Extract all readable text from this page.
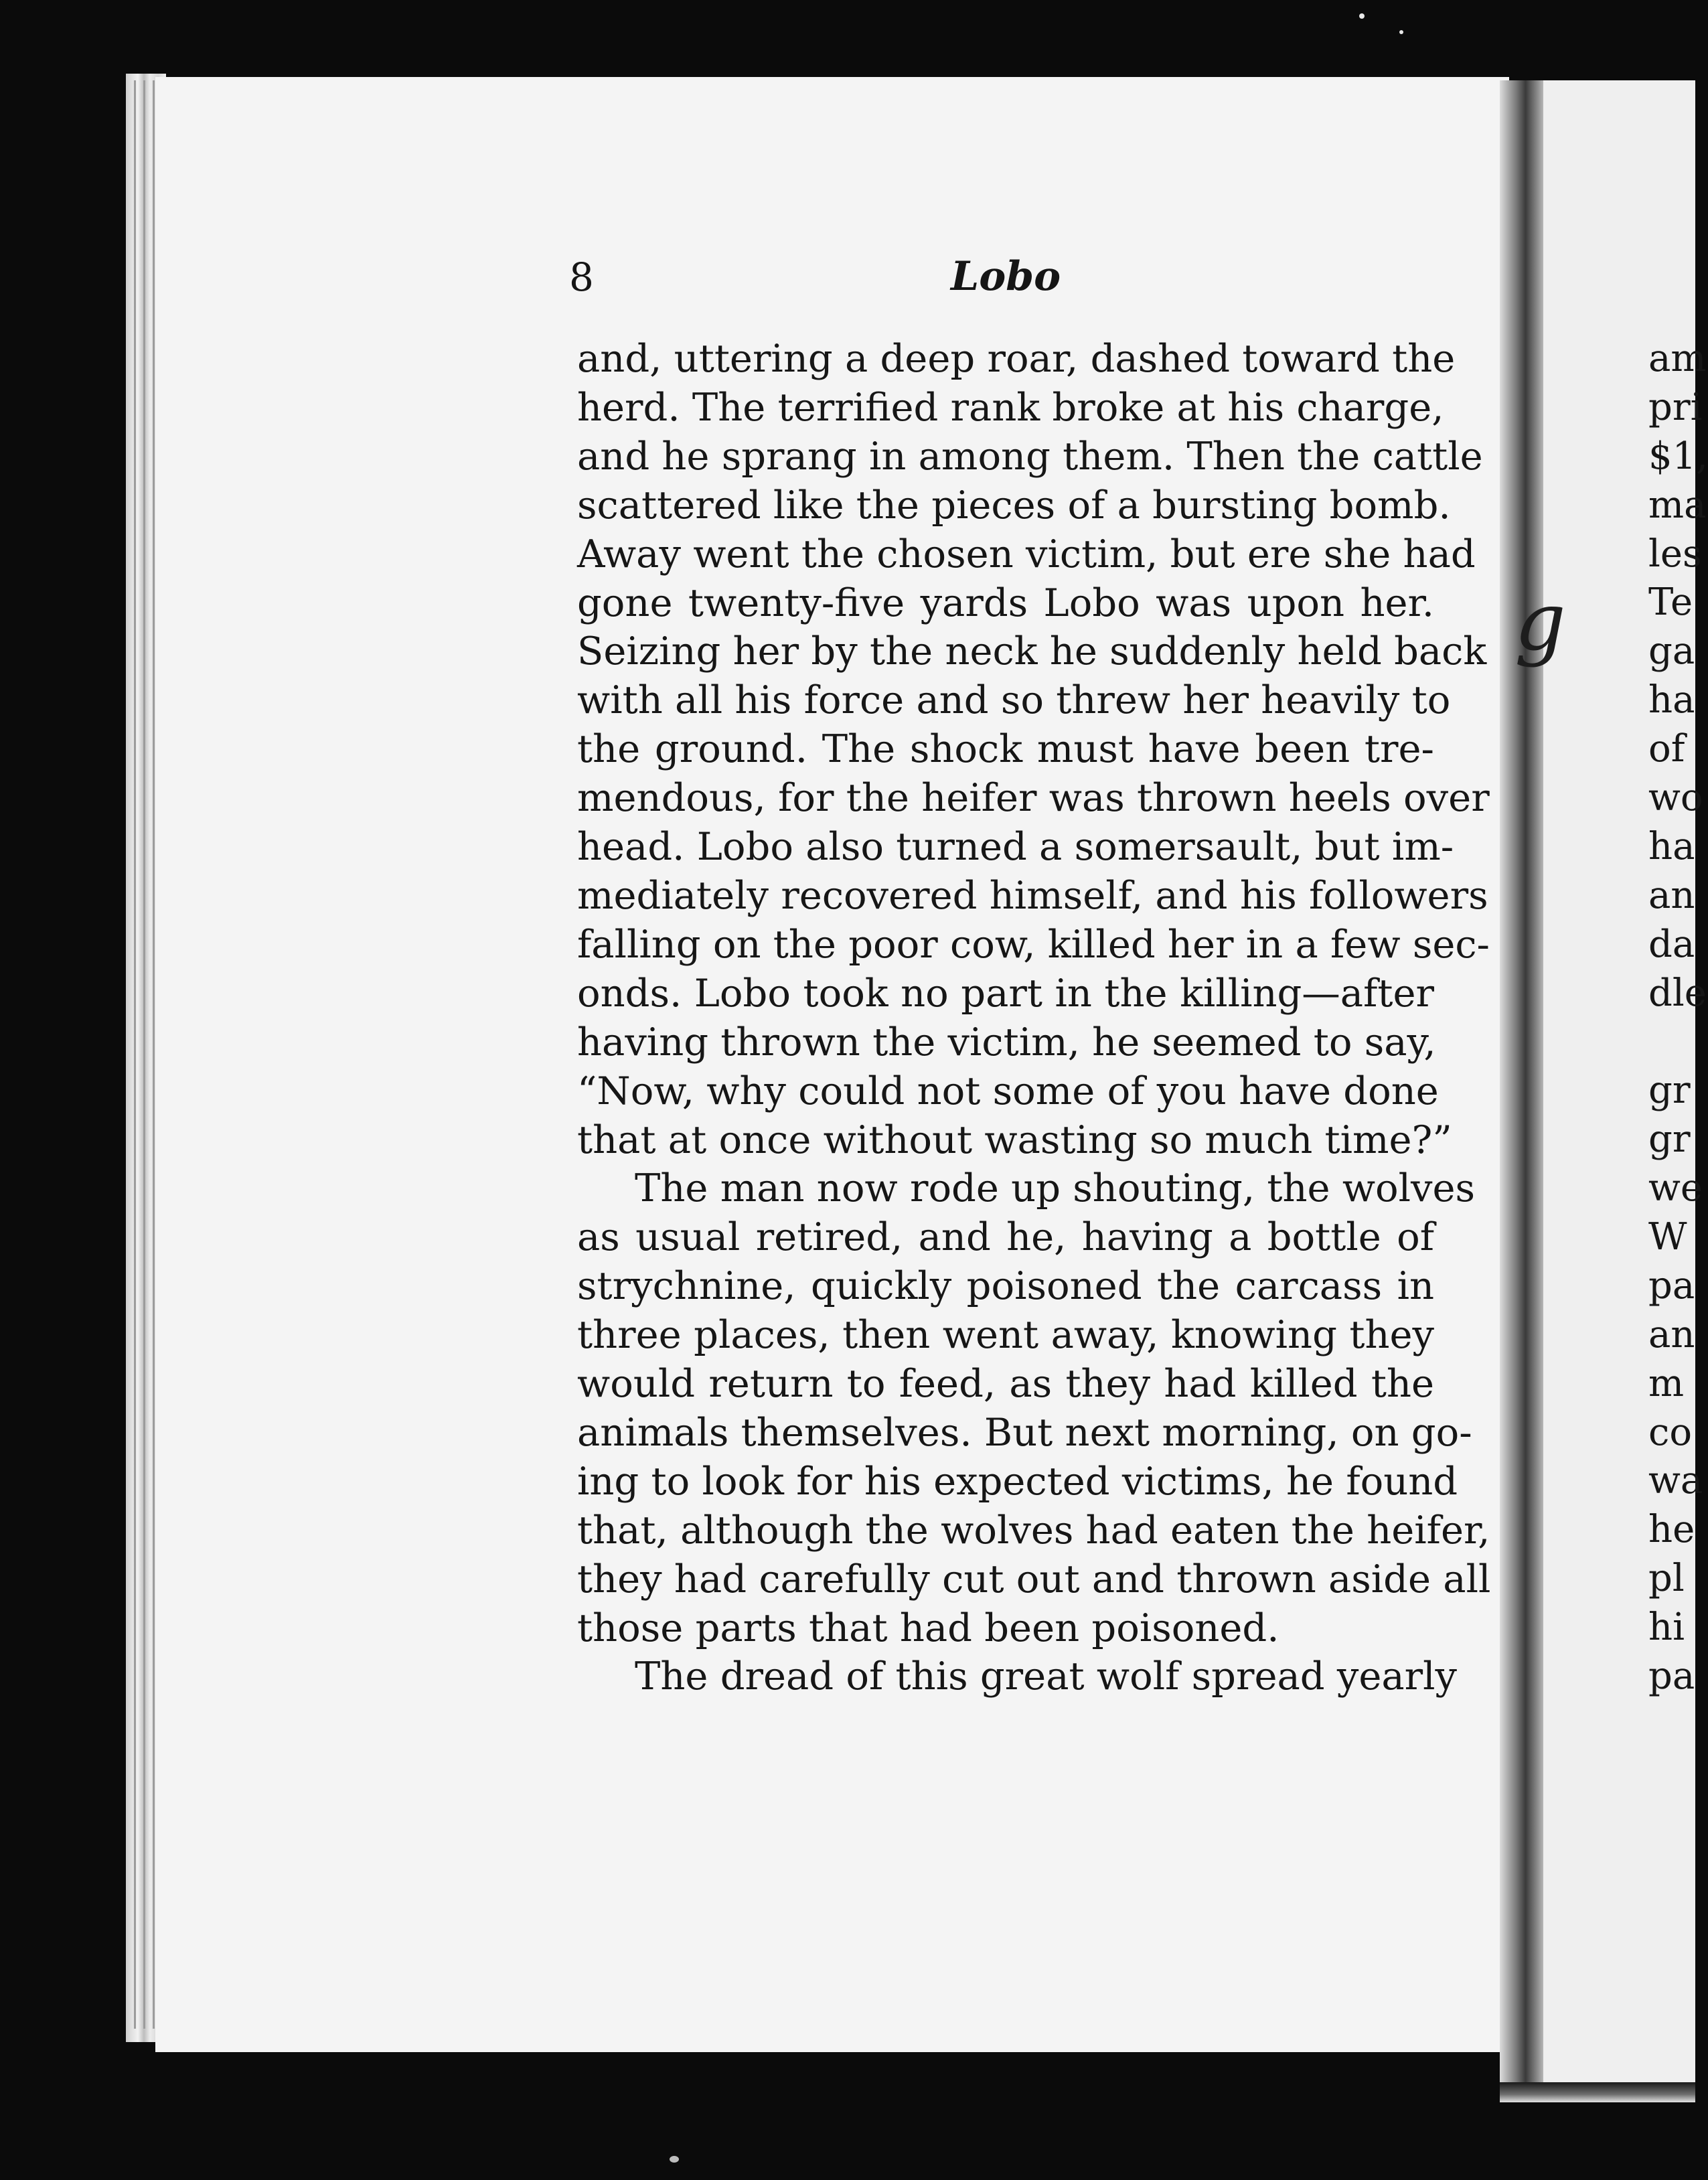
8	Lobo
and, uttering a deep roar, dashed toward the
herd. The terrified rank broke at his charge,
and he sprang in among them. Then the cattle
scattered like the pieces of a bursting bomb.
Away went the chosen victim, but ere she had
gone twenty-five yards Lobo was upon her.
Seizing her by the neck he suddenly held back
with all his force and so threw her heavily to
the ground. The shock must have been tre-
mendous, for the heifer was thrown heels over
head. Lobo also turned a somersault, but im-
mediately recovered himself, and his followers
falling on the poor cow, killed her in a few sec-
onds. Lobo took no part in the killing—after
having thrown the victim, he seemed to say,
“Now, why could not some of you have done
that at once without wasting so much time?”
The man now rode up shouting, the wolves
as usual retired, and he, having a bottle of
strychnine, quickly poisoned the carcass in
three places, then went away, knowing they
would return to feed, as they had killed the
animals themselves. But next morning, on go-
ing to look for his expected victims, he found
that, although the wolves had eaten the heifer,
they had carefully cut out and thrown aside all
those parts that had been poisoned.
The dread of this great wolf spread yearly
g
am
pri
$1,
ma
les
Te
ga
ha
of
wo
ha
an
da
dle
gr
gr
we
W
pa
an
m
co
wa
he
pl
hi
pa
